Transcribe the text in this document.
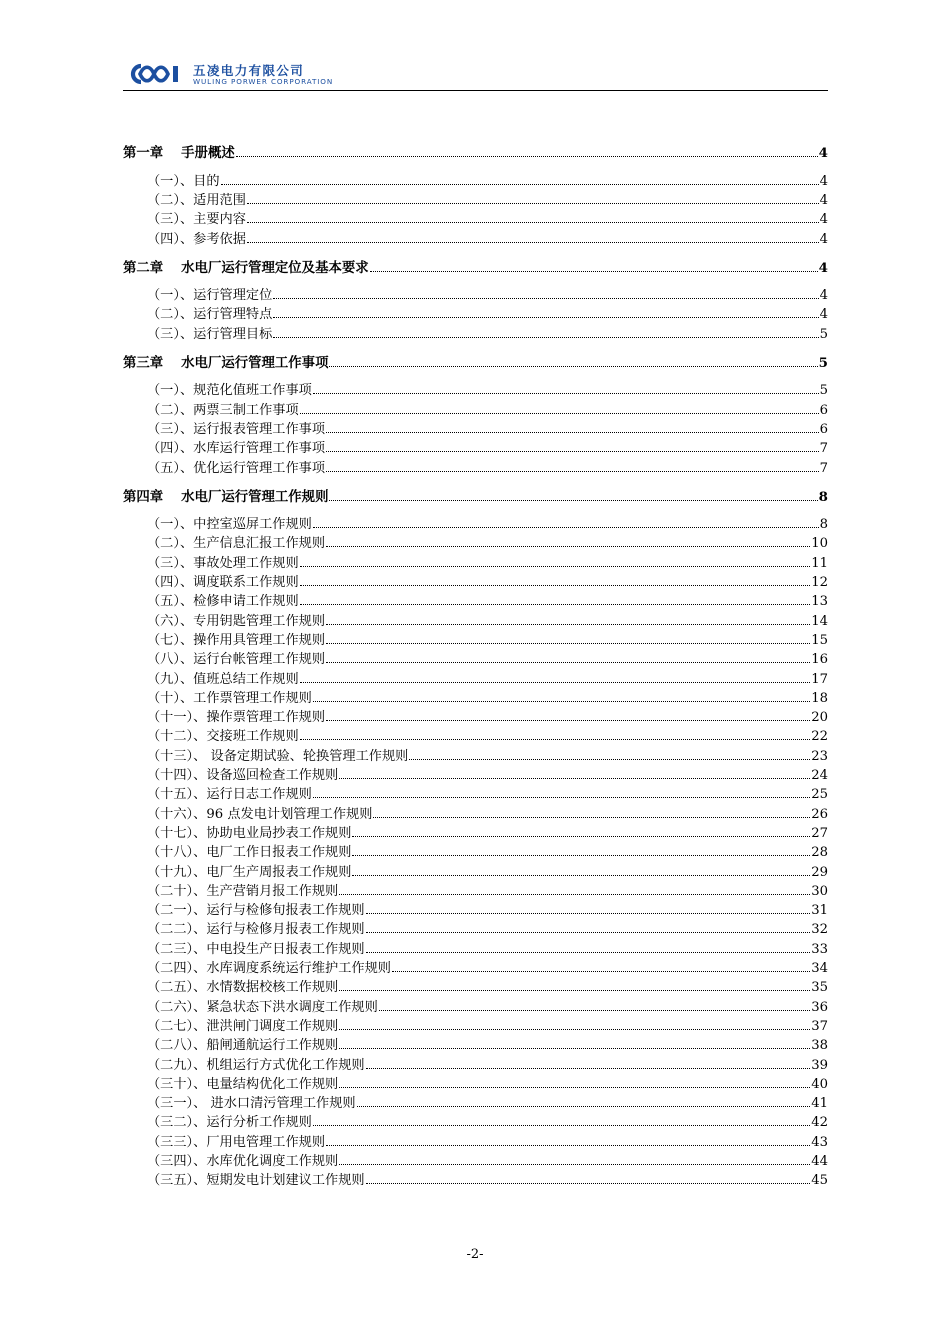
五凌电力有限公司
WULING PORWER CORPORATION
第一章 手册概述	4
（一）、 目的	4
（二）、 适用范围	4
（三）、 主要内容	4
（四）、 参考依据	4
第二章 水电厂运行管理定位及基本要求	4
（一）、 运行管理定位	4
（二）、 运行管理特点	4
（三）、 运行管理目标	5
第三章 水电厂运行管理工作事项	5
（一）、 规范化值班工作事项	5
（二）、 两票三制工作事项	6
（三）、 运行报表管理工作事项	6
（四）、 水库运行管理工作事项	7
（五）、 优化运行管理工作事项	7
第四章 水电厂运行管理工作规则	8
（一）、 中控室巡屏工作规则	8
（二）、 生产信息汇报工作规则	10
（三）、 事故处理工作规则	11
（四）、 调度联系工作规则	12
（五）、 检修申请工作规则	13
（六）、 专用钥匙管理工作规则	14
（七）、 操作用具管理工作规则	15
（八）、 运行台帐管理工作规则	16
（九）、 值班总结工作规则	17
（十）、 工作票管理工作规则	18
（十一）、 操作票管理工作规则	20
（十二）、 交接班工作规则	22
（十三）、 设备定期试验、轮换管理工作规则	23
（十四）、 设备巡回检查工作规则	24
（十五）、 运行日志工作规则	25
（十六）、 96 点发电计划管理工作规则	26
（十七）、 协助电业局抄表工作规则	27
（十八）、 电厂工作日报表工作规则	28
（十九）、 电厂生产周报表工作规则	29
（二十）、 生产营销月报工作规则	30
（二一）、 运行与检修旬报表工作规则	31
（二二）、 运行与检修月报表工作规则	32
（二三）、 中电投生产日报表工作规则	33
（二四）、 水库调度系统运行维护工作规则	34
（二五）、 水情数据校核工作规则	35
（二六）、 紧急状态下洪水调度工作规则	36
（二七）、 泄洪闸门调度工作规则	37
（二八）、 船闸通航运行工作规则	38
（二九）、 机组运行方式优化工作规则	39
（三十）、 电量结构优化工作规则	40
（三一）、 进水口清污管理工作规则	41
（三二）、 运行分析工作规则	42
（三三）、 厂用电管理工作规则	43
（三四）、 水库优化调度工作规则	44
（三五）、 短期发电计划建议工作规则	45
-2-
